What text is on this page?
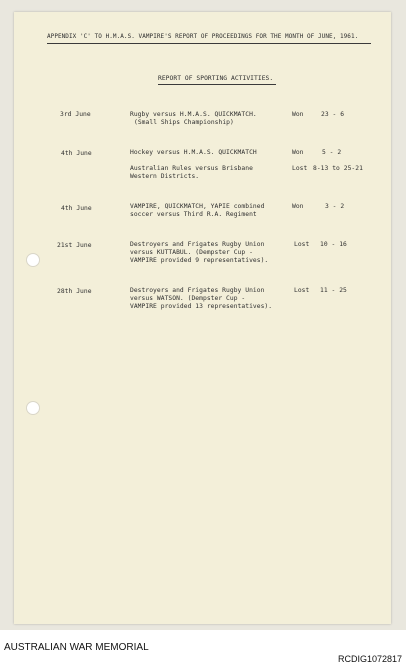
APPENDIX 'C' TO H.M.A.S. VAMPIRE'S REPORT OF PROCEEDINGS FOR THE MONTH OF JUNE, 1961.
REPORT OF SPORTING ACTIVITIES.
3rd June	Rugby versus H.M.A.S. QUICKMATCH.
(Small Ships Championship)
Won	23 - 6
4th June	Hockey versus H.M.A.S. QUICKMATCH	Won	5 - 2
Australian Rules versus Brisbane
Western Districts.
Lost 8-13 to 25-21
4th June	VAMPIRE, QUICKMATCH, YAPIE combined
soccer versus Third R.A. Regiment
Won	3 - 2
21st June	Destroyers and Frigates Rugby Union
versus KUTTABUL. (Dempster Cup -
VAMPIRE provided 9 representatives).
Lost 10 - 16
28th June	Destroyers and Frigates Rugby Union
versus WATSON. (Dempster Cup -
VAMPIRE provided 13 representatives).
Lost 11 - 25
AUSTRALIAN WAR MEMORIAL
RCDIG1072817
